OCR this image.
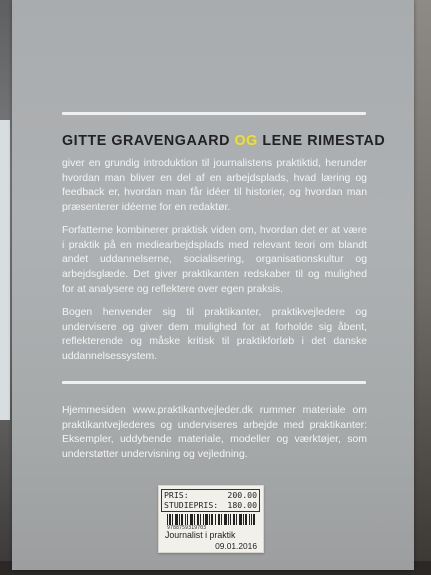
GITTE GRAVENGAARD OG LENE RIMESTAD

giver en grundig introduktion til journalistens praktiktid, herunder hvordan man bliver en del af en arbejdsplads, hvad læring og feedback er, hvordan man får idéer til historier, og hvordan man præsenterer idéerne for en redaktør.

Forfatterne kombinerer praktisk viden om, hvordan det er at være i praktik på en mediearbejdsplads med relevant teori om blandt andet uddannelserne, socialisering, organisationskultur og arbejdsglæde. Det giver praktikanten redskaber til og mulighed for at analysere og reflektere over egen praksis.

Bogen henvender sig til praktikanter, praktikvejledere og undervisere og giver dem mulighed for at forholde sig åbent, reflekterende og måske kritisk til praktikforløb i det danske uddannelsessystem.

Hjemmesiden www.praktikantvejleder.dk rummer materiale om praktikantvejlederes og underviseres arbejde med praktikanter: Eksempler, uddybende materiale, modeller og værktøjer, som understøtter undervisning og vejledning.

PRIS:	200.00
STUDIEPRIS: 180.00
9788759319703
Journalist i praktik
09.01.2016
